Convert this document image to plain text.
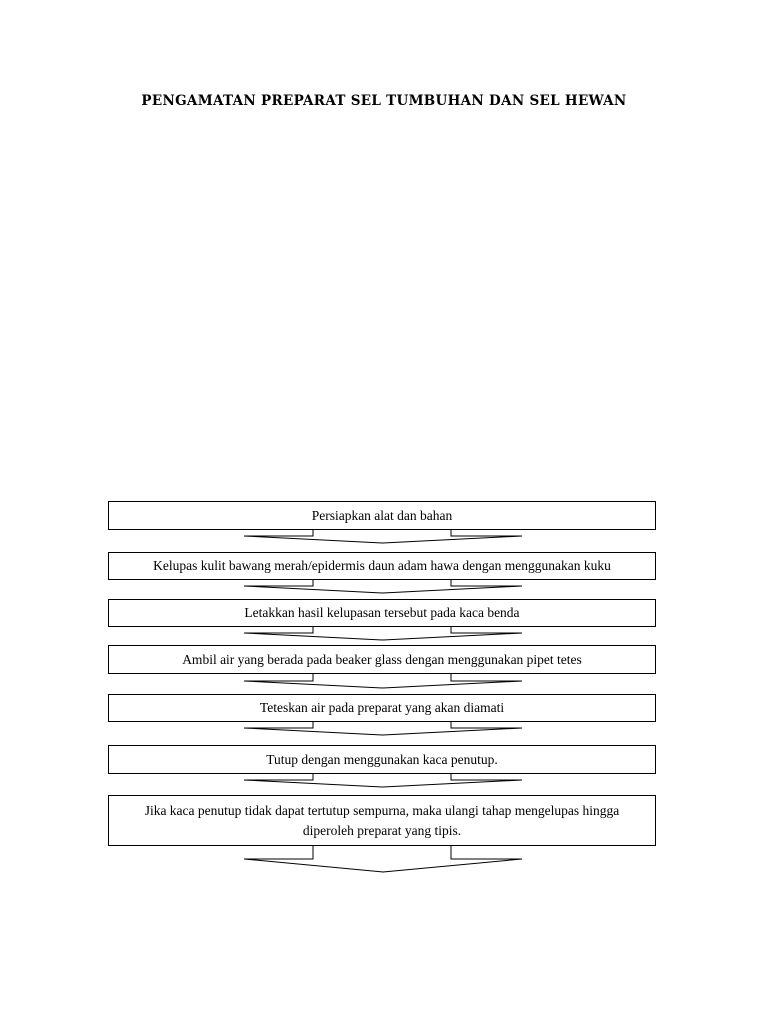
PENGAMATAN PREPARAT SEL TUMBUHAN DAN SEL HEWAN
Persiapkan alat dan bahan
Kelupas kulit bawang merah/epidermis daun adam hawa dengan menggunakan kuku
Letakkan hasil kelupasan tersebut pada kaca benda
Ambil air yang berada pada beaker glass dengan menggunakan pipet tetes
Teteskan air pada preparat yang akan diamati
Tutup dengan menggunakan kaca penutup.
Jika kaca penutup tidak dapat tertutup sempurna, maka ulangi tahap mengelupas hingga diperoleh preparat yang tipis.
